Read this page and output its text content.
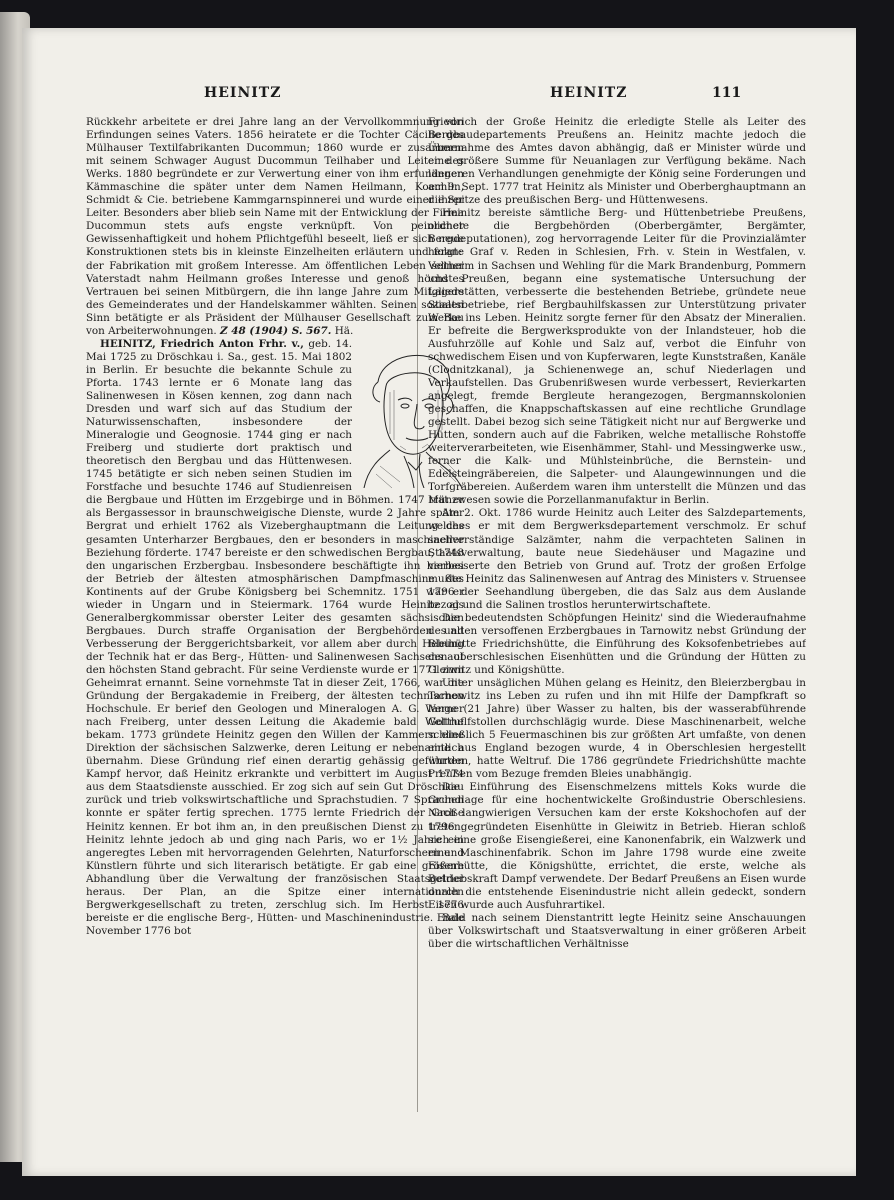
HEINITZ	HEINITZ	111

Rückkehr arbeitete er drei Jahre lang an der Vervollkommnung von Erfindungen seines Vaters. 1856 heiratete er die Tochter Cäcilie des Mülhauser Textilfabrikanten Ducommun; 1860 wurde er zusammen mit seinem Schwager August Ducommun Teilhaber und Leiter des Werks. 1880 begründete er zur Verwertung einer von ihm erfundenen Kämmaschine die später unter dem Namen Heilmann, Koechlin, Schmidt & Cie. betriebene Kammgarnspinnerei und wurde einer ihrer Leiter. Besonders aber blieb sein Name mit der Entwicklung der Firma Ducommun stets aufs engste verknüpft. Von peinlicher Gewissenhaftigkeit und hohem Pflichtgefühl beseelt, ließ er sich neue Konstruktionen stets bis in kleinste Einzelheiten erläutern und folgte der Fabrikation mit großem Interesse. Am öffentlichen Leben seiner Vaterstadt nahm Heilmann großes Interesse und genoß höchstes Vertrauen bei seinen Mitbürgern, die ihn lange Jahre zum Mitgliede des Gemeinderates und der Handelskammer wählten. Seinen sozialen Sinn betätigte er als Präsident der Mülhauser Gesellschaft zum Bau von Arbeiterwohnungen. Z 48 (1904) S. 567. Hä.

HEINITZ, Friedrich Anton Frhr. v., geb. 14. Mai 1725 zu Dröschkau i. Sa., gest. 15. Mai 1802 in Berlin. Er besuchte die bekannte Schule zu Pforta. 1743 lernte er 6 Monate lang das Salinenwesen in Kösen kennen, zog dann nach Dresden und warf sich auf das Studium der Naturwissenschaften, insbesondere der Mineralogie und Geognosie. 1744 ging er nach Freiberg und studierte dort praktisch und theoretisch den Bergbau und das Hüttenwesen. 1745 betätigte er sich neben seinen Studien im Forstfache und besuchte 1746 auf Studienreisen die Bergbaue und Hütten im Erzgebirge und in Böhmen. 1747 trat er als Bergassessor in braunschweigische Dienste, wurde 2 Jahre später Bergrat und erhielt 1762 als Vizeberghauptmann die Leitung des gesamten Unterharzer Bergbaues, den er besonders in maschineller Beziehung förderte. 1747 bereiste er den schwedischen Bergbau, 1748 den ungarischen Erzbergbau. Insbesondere beschäftigte ihn hierbei der Betrieb der ältesten atmosphärischen Dampfmaschine des Kontinents auf der Grube Königsberg bei Schemnitz. 1751 war er wieder in Ungarn und in Steiermark. 1764 wurde Heinitz als Generalbergkommissar oberster Leiter des gesamten sächsischen Bergbaues. Durch straffe Organisation der Bergbehörden und Verbesserung der Berggerichtsbarkeit, vor allem aber durch Hebung der Technik hat er das Berg-, Hütten- und Salinenwesen Sachsens auf den höchsten Stand gebracht. Für seine Verdienste wurde er 1771 zum Geheimrat ernannt. Seine vornehmste Tat in dieser Zeit, 1766, war die Gründung der Bergakademie in Freiberg, der ältesten technischen Hochschule. Er berief den Geologen und Mineralogen A. G. Werner nach Freiberg, unter dessen Leitung die Akademie bald Weltruf bekam. 1773 gründete Heinitz gegen den Willen der Kammern eine Direktion der sächsischen Salzwerke, deren Leitung er nebenamtlich übernahm. Diese Gründung rief einen derartig gehässig geführten Kampf hervor, daß Heinitz erkrankte und verbittert im August 1774 aus dem Staatsdienste ausschied. Er zog sich auf sein Gut Dröschkau zurück und trieb volkswirtschaftliche und Sprachstudien. 7 Sprachen konnte er später fertig sprechen. 1775 lernte Friedrich der Große Heinitz kennen. Er bot ihm an, in den preußischen Dienst zu treten. Heinitz lehnte jedoch ab und ging nach Paris, wo er 1½ Jahre ein angeregtes Leben mit hervorragenden Gelehrten, Naturforschern und Künstlern führte und sich literarisch betätigte. Er gab eine größere Abhandlung über die Verwaltung der französischen Staatsgelder heraus. Der Plan, an die Spitze einer internationalen Bergwerkgesellschaft zu treten, zerschlug sich. Im Herbst 1776 bereiste er die englische Berg-, Hütten- und Maschinenindustrie. Ende November 1776 bot

Friedrich der Große Heinitz die erledigte Stelle als Leiter des Bergbaudepartements Preußens an. Heinitz machte jedoch die Übernahme des Amtes davon abhängig, daß er Minister würde und eine größere Summe für Neuanlagen zur Verfügung bekäme. Nach längeren Verhandlungen genehmigte der König seine Forderungen und am 9. Sept. 1777 trat Heinitz als Minister und Oberberghauptmann an die Spitze des preußischen Berg- und Hüttenwesens.

Heinitz bereiste sämtliche Berg- und Hüttenbetriebe Preußens, ordnete die Bergbehörden (Oberbergämter, Bergämter, Bergdeputationen), zog hervorragende Leiter für die Provinzialämter heran: Graf v. Reden in Schlesien, Frh. v. Stein in Westfalen, v. Veltheim in Sachsen und Wehling für die Mark Brandenburg, Pommern und Preußen, begann eine systematische Untersuchung der Lagerstätten, verbesserte die bestehenden Betriebe, gründete neue Staatsbetriebe, rief Bergbauhilfskassen zur Unterstützung privater Werke ins Leben. Heinitz sorgte ferner für den Absatz der Mineralien. Er befreite die Bergwerksprodukte von der Inlandsteuer, hob die Ausfuhrzölle auf Kohle und Salz auf, verbot die Einfuhr von schwedischem Eisen und von Kupferwaren, legte Kunststraßen, Kanäle (Clodnitzkanal), ja Schienenwege an, schuf Niederlagen und Verkaufstellen. Das Grubenrißwesen wurde verbessert, Revierkarten angelegt, fremde Bergleute herangezogen, Bergmannskolonien geschaffen, die Knappschaftskassen auf eine rechtliche Grundlage gestellt. Dabei bezog sich seine Tätigkeit nicht nur auf Bergwerke und Hütten, sondern auch auf die Fabriken, welche metallische Rohstoffe weiterverarbeiteten, wie Eisenhämmer, Stahl- und Messingwerke usw., ferner die Kalk- und Mühlsteinbrüche, die Bernstein- und Edelsteingräbereien, die Salpeter- und Alaungewinnungen und die Torfgräbereien. Außerdem waren ihm unterstellt die Münzen und das Münzwesen sowie die Porzellanmanufaktur in Berlin.

Am 2. Okt. 1786 wurde Heinitz auch Leiter des Salzdepartements, welches er mit dem Bergwerksdepartement verschmolz. Er schuf sachverständige Salzämter, nahm die verpachteten Salinen in Staatsverwaltung, baute neue Siedehäuser und Magazine und verbesserte den Betrieb von Grund auf. Trotz der großen Erfolge mußte Heinitz das Salinenwesen auf Antrag des Ministers v. Struensee 1796 der Seehandlung übergeben, die das Salz aus dem Auslande bezog und die Salinen trostlos herunterwirtschaftete.

Die bedeutendsten Schöpfungen Heinitz' sind die Wiederaufnahme des alten versoffenen Erzbergbaues in Tarnowitz nebst Gründung der Bleihütte Friedrichshütte, die Einführung des Koksofenbetriebes auf den oberschlesischen Eisenhütten und die Gründung der Hütten zu Gleiwitz und Königshütte.

Unter unsäglichen Mühen gelang es Heinitz, den Bleierzbergbau in Tarnowitz ins Leben zu rufen und ihn mit Hilfe der Dampfkraft so lange (21 Jahre) über Wasser zu halten, bis der wasserabführende Gotthelfstollen durchschlägig wurde. Diese Maschinenarbeit, welche schließlich 5 Feuermaschinen bis zur größten Art umfaßte, von denen eine aus England bezogen wurde, 4 in Oberschlesien hergestellt wurden, hatte Weltruf. Die 1786 gegründete Friedrichshütte machte Preußen vom Bezuge fremden Bleies unabhängig.

Die Einführung des Eisenschmelzens mittels Koks wurde die Grundlage für eine hochentwickelte Großindustrie Oberschlesiens. Nach langwierigen Versuchen kam der erste Kokshochofen auf der 1796 gegründeten Eisenhütte in Gleiwitz in Betrieb. Hieran schloß sich eine große Eisengießerei, eine Kanonenfabrik, ein Walzwerk und eine Maschinenfabrik. Schon im Jahre 1798 wurde eine zweite Eisenhütte, die Königshütte, errichtet, die erste, welche als Betriebskraft Dampf verwendete. Der Bedarf Preußens an Eisen wurde durch die entstehende Eisenindustrie nicht allein gedeckt, sondern Eisen wurde auch Ausfuhrartikel.

Bald nach seinem Dienstantritt legte Heinitz seine Anschauungen über Volkswirtschaft und Staatsverwaltung in einer größeren Arbeit über die wirtschaftlichen Verhältnisse
